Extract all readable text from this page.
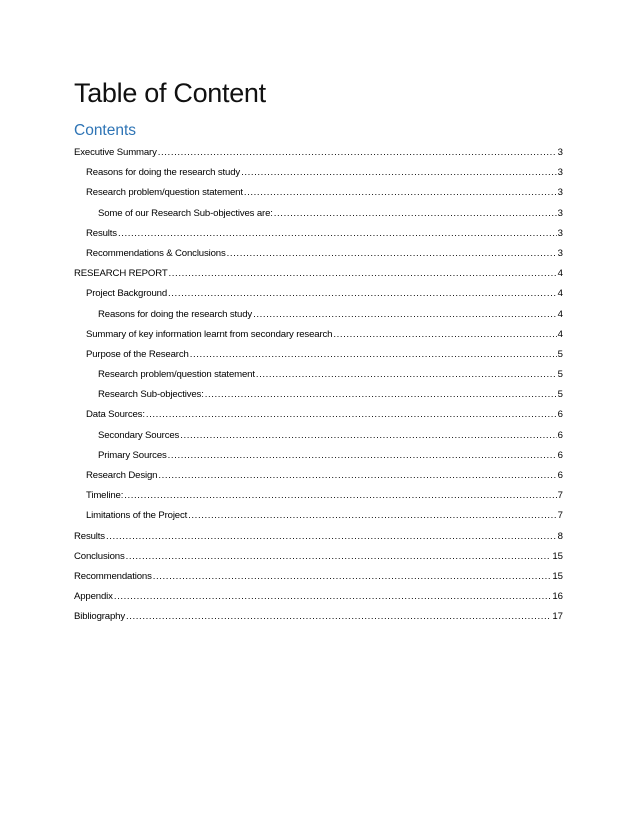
Table of Content
Contents
Executive Summary .....	3
Reasons for doing the research study .....	3
Research problem/question statement .....	3
Some of our Research Sub-objectives are: .....	3
Results .....	3
Recommendations & Conclusions .....	3
RESEARCH REPORT .....	4
Project Background .....	4
Reasons for doing the research study .....	4
Summary of key information learnt from secondary research .....	4
Purpose of the Research .....	5
Research problem/question statement .....	5
Research Sub-objectives: .....	5
Data Sources: .....	6
Secondary Sources .....	6
Primary Sources .....	6
Research Design .....	6
Timeline: .....	7
Limitations of the Project .....	7
Results .....	8
Conclusions .....	15
Recommendations .....	15
Appendix .....	16
Bibliography .....	17
